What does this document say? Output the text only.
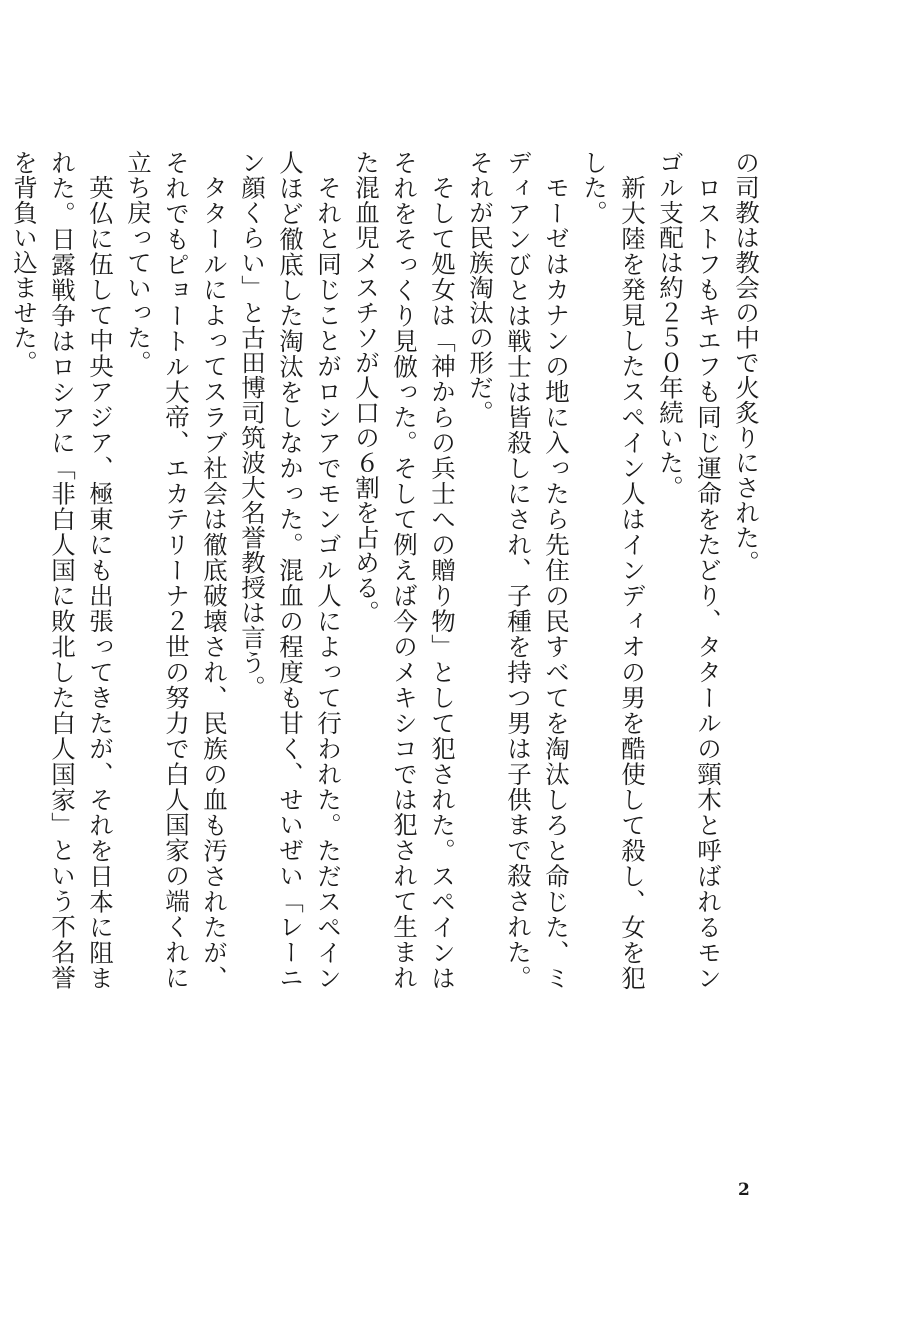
の司教は教会の中で火炙りにされた。

ロストフもキエフも同じ運命をたどり、タタールの頸木と呼ばれるモンゴル支配は約２５０年続いた。

新大陸を発見したスペイン人はインディオの男を酷使して殺し、女を犯した。

モーゼはカナンの地に入ったら先住の民すべてを淘汰しろと命じた、ミディアンびとは戦士は皆殺しにされ、子種を持つ男は子供まで殺された。それが民族淘汰の形だ。

そして処女は「神からの兵士への贈り物」として犯された。スペインはそれをそっくり見倣った。そして例えば今のメキシコでは犯されて生まれた混血児メスチソが人口の６割を占める。

それと同じことがロシアでモンゴル人によって行われた。ただスペイン人ほど徹底した淘汰をしなかった。混血の程度も甘く、せいぜい「レーニン顔くらい」と古田博司筑波大名誉教授は言う。

タタールによってスラブ社会は徹底破壊され、民族の血も汚されたが、それでもピョートル大帝、エカテリーナ２世の努力で白人国家の端くれに立ち戻っていった。

英仏に伍して中央アジア、極東にも出張ってきたが、それを日本に阻まれた。日露戦争はロシアに「非白人国に敗北した白人国家」という不名誉を背負い込ませた。

2
